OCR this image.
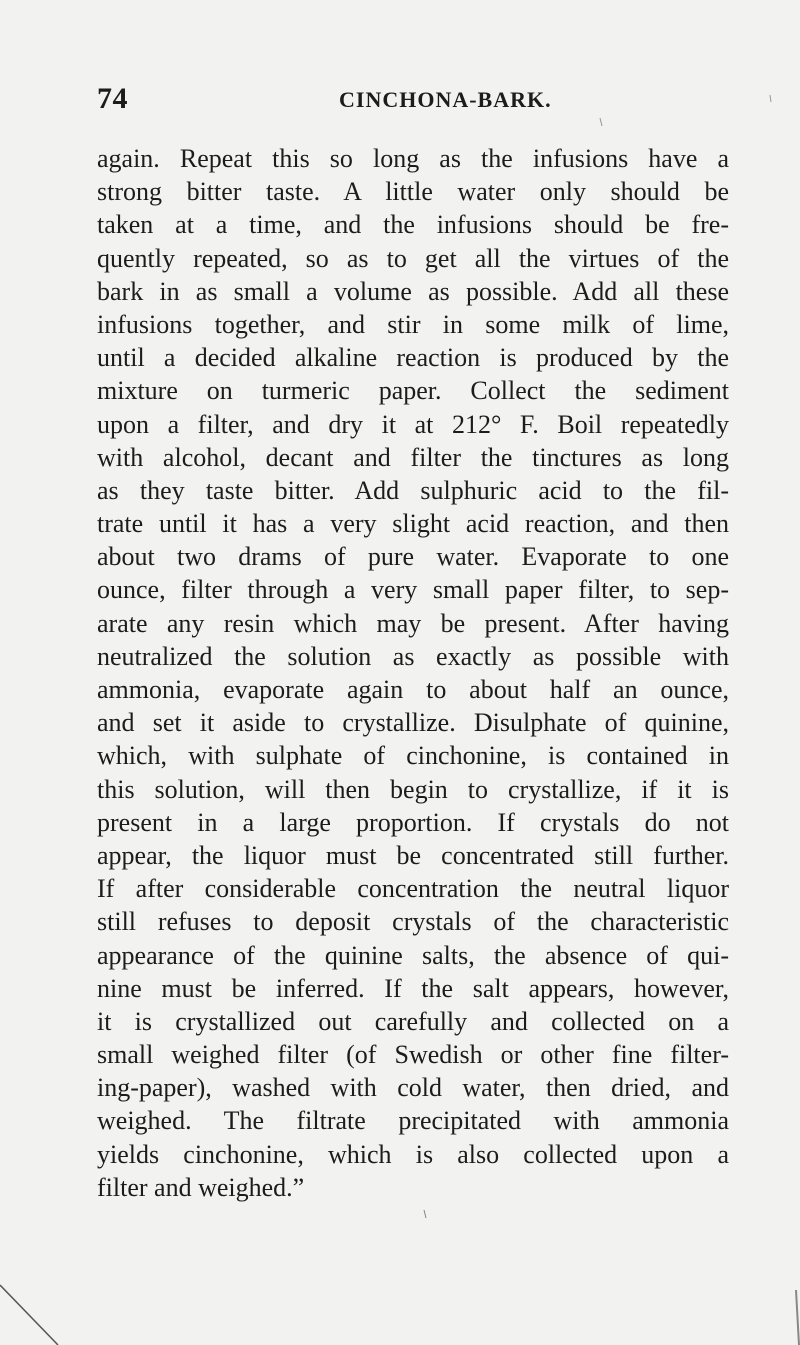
74	CINCHONA-BARK.
again. Repeat this so long as the infusions have a
strong bitter taste. A little water only should be
taken at a time, and the infusions should be fre-
quently repeated, so as to get all the virtues of the
bark in as small a volume as possible. Add all these
infusions together, and stir in some milk of lime,
until a decided alkaline reaction is produced by the
mixture on turmeric paper. Collect the sediment
upon a filter, and dry it at 212° F. Boil repeatedly
with alcohol, decant and filter the tinctures as long
as they taste bitter. Add sulphuric acid to the fil-
trate until it has a very slight acid reaction, and then
about two drams of pure water. Evaporate to one
ounce, filter through a very small paper filter, to sep-
arate any resin which may be present. After having
neutralized the solution as exactly as possible with
ammonia, evaporate again to about half an ounce,
and set it aside to crystallize. Disulphate of quinine,
which, with sulphate of cinchonine, is contained in
this solution, will then begin to crystallize, if it is
present in a large proportion. If crystals do not
appear, the liquor must be concentrated still further.
If after considerable concentration the neutral liquor
still refuses to deposit crystals of the characteristic
appearance of the quinine salts, the absence of qui-
nine must be inferred. If the salt appears, however,
it is crystallized out carefully and collected on a
small weighed filter (of Swedish or other fine filter-
ing-paper), washed with cold water, then dried, and
weighed. The filtrate precipitated with ammonia
yields cinchonine, which is also collected upon a
filter and weighed.”
